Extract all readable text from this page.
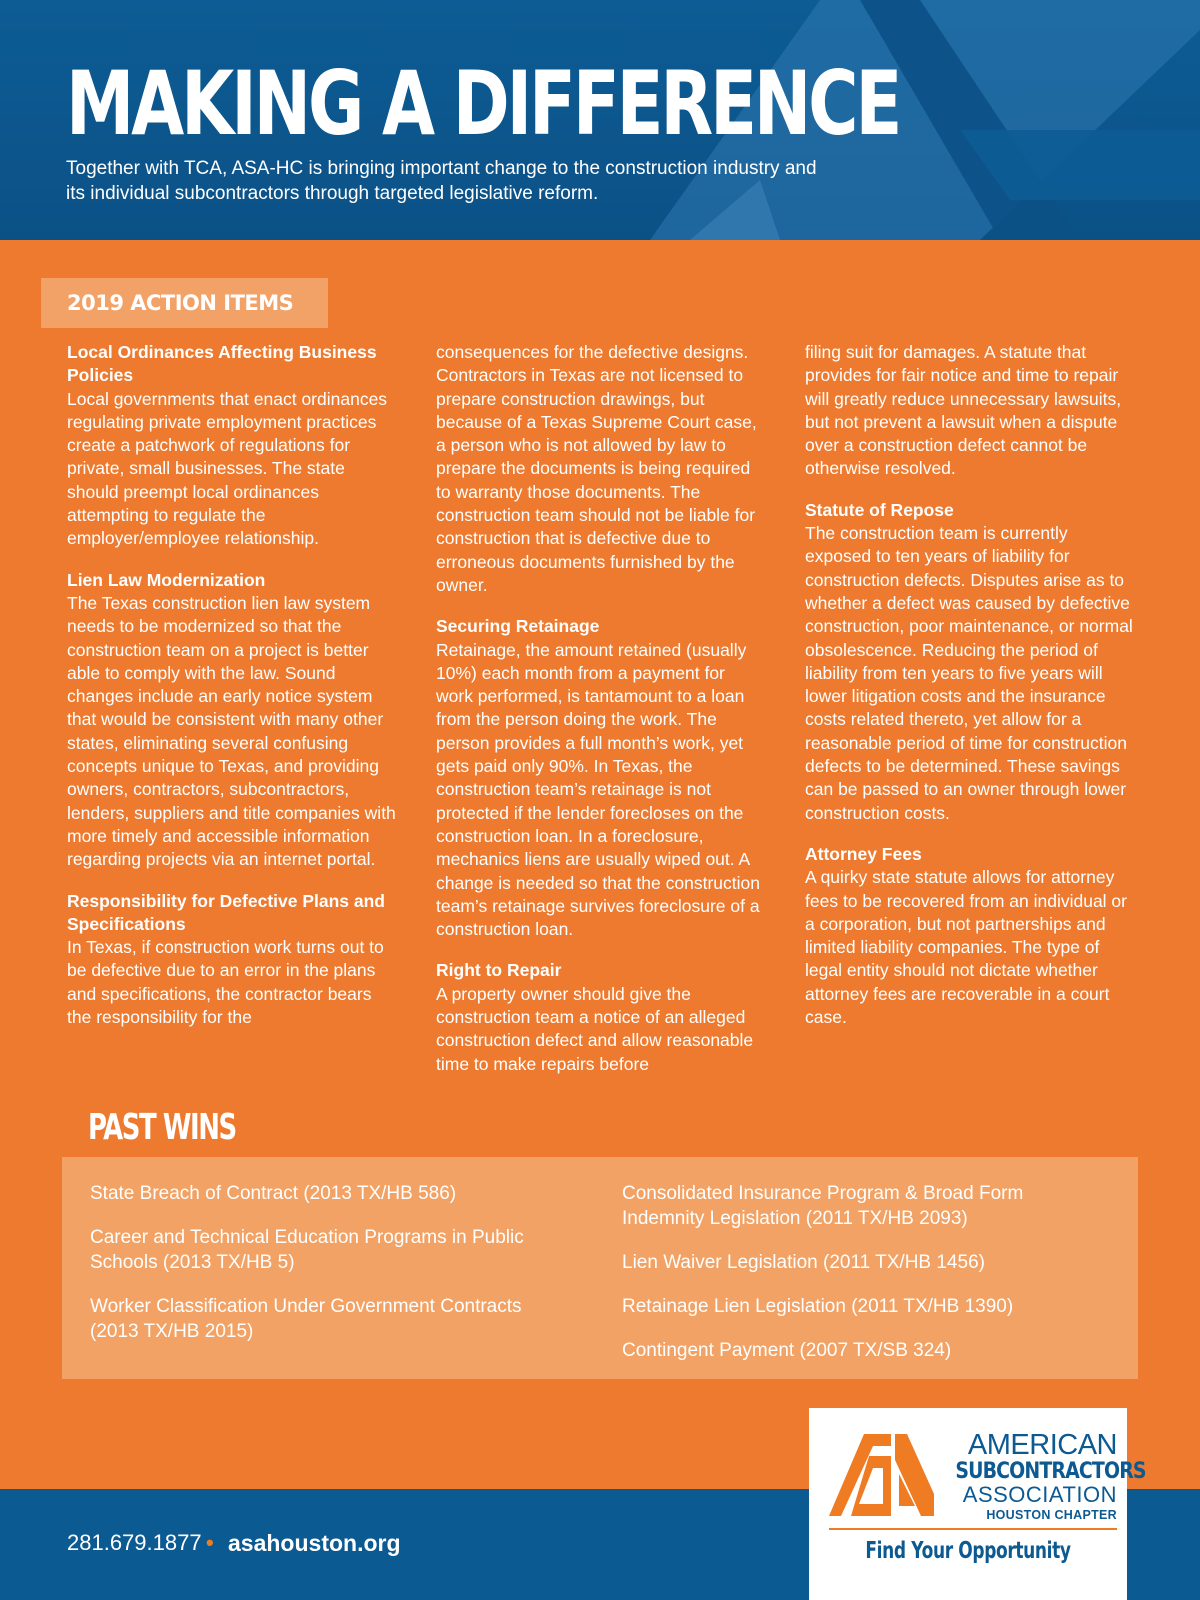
MAKING A DIFFERENCE

Together with TCA, ASA-HC is bringing important change to the construction industry and its individual subcontractors through targeted legislative reform.

2019 ACTION ITEMS
Local Ordinances Affecting Business Policies

Local governments that enact ordinances regulating private employment practices create a patchwork of regulations for private, small businesses. The state should preempt local ordinances attempting to regulate the employer/employee relationship.

Lien Law Modernization

The Texas construction lien law system needs to be modernized so that the construction team on a project is better able to comply with the law. Sound changes include an early notice system that would be consistent with many other states, eliminating several confusing concepts unique to Texas, and providing owners, contractors, subcontractors, lenders, suppliers and title companies with more timely and accessible information regarding projects via an internet portal.

Responsibility for Defective Plans and Specifications

In Texas, if construction work turns out to be defective due to an error in the plans and specifications, the contractor bears the responsibility for the

consequences for the defective designs. Contractors in Texas are not licensed to prepare construction drawings, but because of a Texas Supreme Court case, a person who is not allowed by law to prepare the documents is being required to warranty those documents. The construction team should not be liable for construction that is defective due to erroneous documents furnished by the owner.

Securing Retainage

Retainage, the amount retained (usually 10%) each month from a payment for work performed, is tantamount to a loan from the person doing the work. The person provides a full month’s work, yet gets paid only 90%. In Texas, the construction team’s retainage is not protected if the lender forecloses on the construction loan. In a foreclosure, mechanics liens are usually wiped out. A change is needed so that the construction team’s retainage survives foreclosure of a construction loan.

Right to Repair

A property owner should give the construction team a notice of an alleged construction defect and allow reasonable time to make repairs before

filing suit for damages. A statute that provides for fair notice and time to repair will greatly reduce unnecessary lawsuits, but not prevent a lawsuit when a dispute over a construction defect cannot be otherwise resolved.

Statute of Repose

The construction team is currently exposed to ten years of liability for construction defects. Disputes arise as to whether a defect was caused by defective construction, poor maintenance, or normal obsolescence. Reducing the period of liability from ten years to five years will lower litigation costs and the insurance costs related thereto, yet allow for a reasonable period of time for construction defects to be determined. These savings can be passed to an owner through lower construction costs.

Attorney Fees

A quirky state statute allows for attorney fees to be recovered from an individual or a corporation, but not partnerships and limited liability companies. The type of legal entity should not dictate whether attorney fees are recoverable in a court case.

PAST WINS

State Breach of Contract (2013 TX/HB 586)

Career and Technical Education Programs in Public Schools (2013 TX/HB 5)

Worker Classification Under Government Contracts (2013 TX/HB 2015)

Consolidated Insurance Program & Broad Form Indemnity Legislation (2011 TX/HB 2093)

Lien Waiver Legislation (2011 TX/HB 1456)

Retainage Lien Legislation (2011 TX/HB 1390)

Contingent Payment (2007 TX/SB 324)

281.679.1877 • asahouston.org
AMERICAN
SUBCONTRACTORS
ASSOCIATION
HOUSTON CHAPTER
Find Your Opportunity
